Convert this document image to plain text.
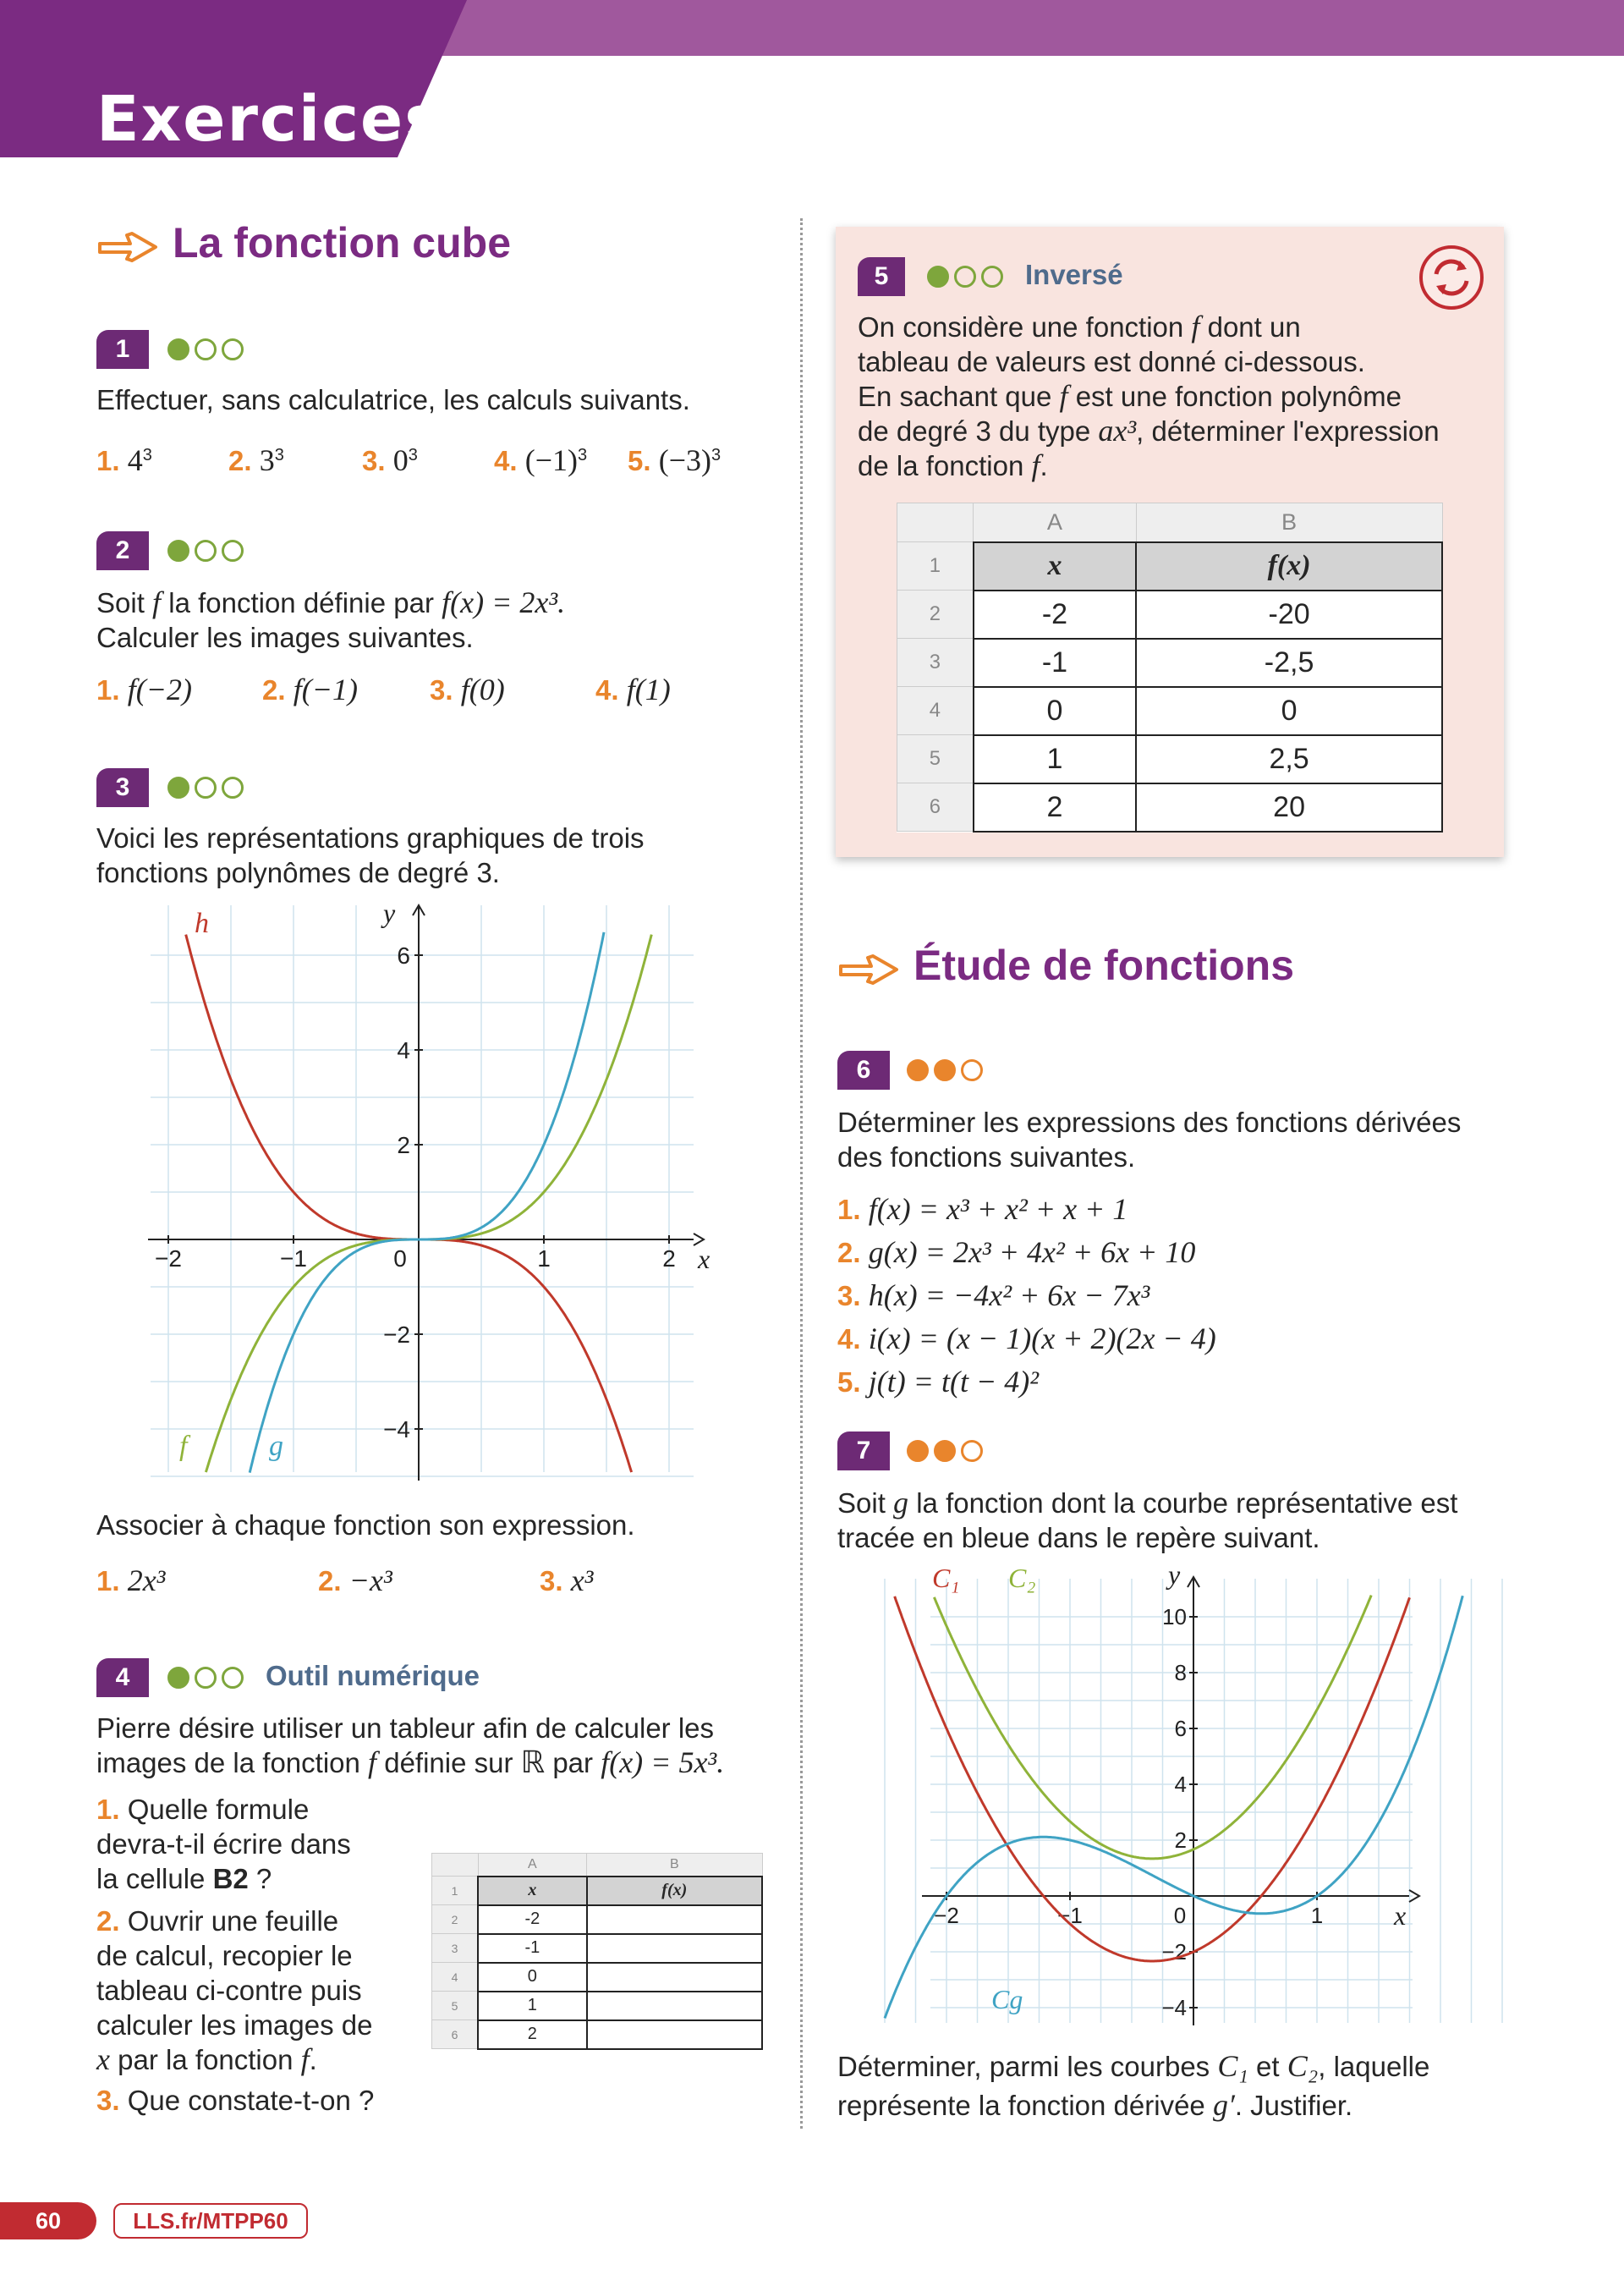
Exercices
La fonction cube
1
Effectuer, sans calculatrice, les calculs suivants.
1. $4^3$	2. $3^3$	3. $0^3$	4. $(-1)^3$ 5. $(-3)^3$
2
Soit f la fonction définie par f(x) = 2x³.
Calculer les images suivantes.
1. f(−2)	2. f(−1)	3. f(0)	4. f(1)
3
Voici les représentations graphiques de trois
fonctions polynômes de degré 3.
−2	−1	0	1	2
6
4
2
−2
−4
x
y
h
f	g
Associer à chaque fonction son expression.
1. 2x³	2. −x³	3. x³
4	Outil numérique
Pierre désire utiliser un tableur afin de calculer les
images de la fonction f définie sur ℝ par f(x) = 5x³.
1. Quelle formule
devra-t-il écrire dans
la cellule B2 ?
2. Ouvrir une feuille
de calcul, recopier le
tableau ci-contre puis
calculer les images de
x par la fonction f.
3. Que constate-t-on ?
	A	B
1	x	f(x)
2	-2	
3	-1	
4	0	
5	1	
6	2	
5	Inversé
On considère une fonction f dont un
tableau de valeurs est donné ci-dessous.
En sachant que f est une fonction polynôme
de degré 3 du type ax³, déterminer l'expression
de la fonction f.
	A	B
1	x	f(x)
2	-2	-20
3	-1	-2,5
4	0	0
5	1	2,5
6	2	20
Étude de fonctions
6
Déterminer les expressions des fonctions dérivées
des fonctions suivantes.
1. f(x) = x³ + x² + x + 1
2. g(x) = 2x³ + 4x² + 6x + 10
3. h(x) = −4x² + 6x − 7x³
4. i(x) = (x − 1)(x + 2)(2x − 4)
5. j(t) = t(t − 4)²
7
Soit g la fonction dont la courbe représentative est
tracée en bleue dans le repère suivant.
−2	−1	0	1
10
8
6
4
2
−2
−4
x
y
C₁ C₂
Cg
Déterminer, parmi les courbes C₁ et C₂, laquelle
représente la fonction dérivée g′. Justifier.
60	LLS.fr/MTPP60
